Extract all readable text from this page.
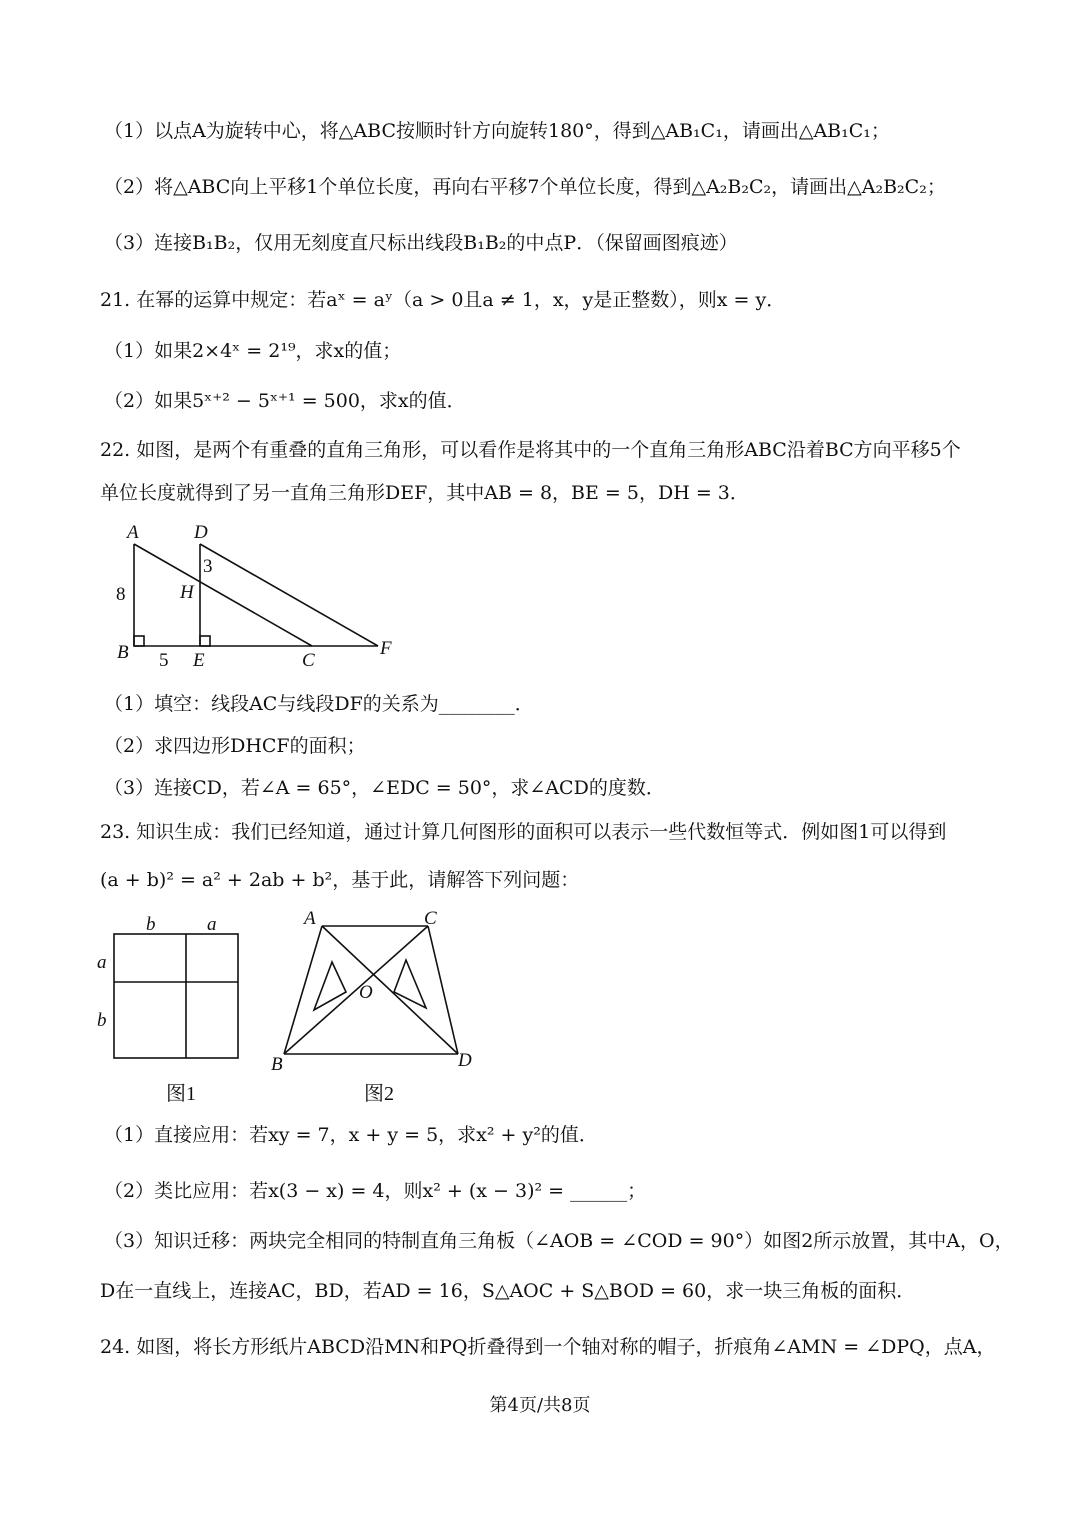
（1）以点A为旋转中心，将△ABC按顺时针方向旋转180°，得到△AB₁C₁，请画出△AB₁C₁；
（2）将△ABC向上平移1个单位长度，再向右平移7个单位长度，得到△A₂B₂C₂，请画出△A₂B₂C₂；
（3）连接B₁B₂，仅用无刻度直尺标出线段B₁B₂的中点P．（保留画图痕迹）
21. 在幂的运算中规定：若aˣ = aʸ（a > 0且a ≠ 1，x，y是正整数），则x = y．
（1）如果2×4ˣ = 2¹⁹，求x的值；
（2）如果5ˣ⁺² − 5ˣ⁺¹ = 500，求x的值．
22. 如图，是两个有重叠的直角三角形，可以看作是将其中的一个直角三角形ABC沿着BC方向平移5个
单位长度就得到了另一直角三角形DEF，其中AB = 8，BE = 5，DH = 3．
A	D
H
B	E	C
F
8
3
5
（1）填空：线段AC与线段DF的关系为________．
（2）求四边形DHCF的面积；
（3）连接CD，若∠A = 65°，∠EDC = 50°，求∠ACD的度数．
23. 知识生成：我们已经知道，通过计算几何图形的面积可以表示一些代数恒等式．例如图1可以得到
(a + b)² = a² + 2ab + b²，基于此，请解答下列问题：
b	a
a
b
图1
A	C
O
B	D
图2
（1）直接应用：若xy = 7，x + y = 5，求x² + y²的值．
（2）类比应用：若x(3 − x) = 4，则x² + (x − 3)² = ______；
（3）知识迁移：两块完全相同的特制直角三角板（∠AOB = ∠COD = 90°）如图2所示放置，其中A，O，
D在一直线上，连接AC，BD，若AD = 16，S△AOC + S△BOD = 60，求一块三角板的面积．
24. 如图，将长方形纸片ABCD沿MN和PQ折叠得到一个轴对称的帽子，折痕角∠AMN = ∠DPQ，点A，
第4页/共8页
